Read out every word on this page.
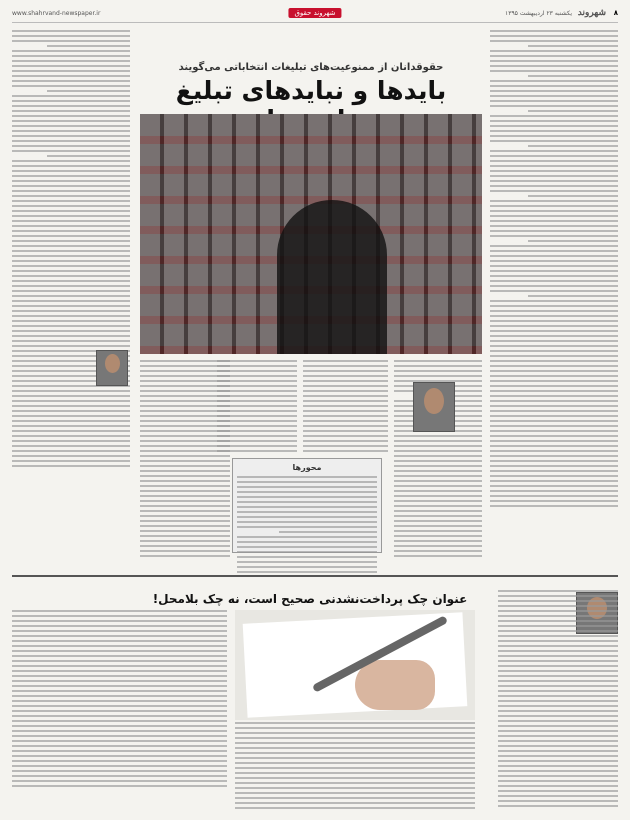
۸
شهروند
یکشنبه ۲۳ اردیبهشت ۱۳۹۵
شهروند حقوق
www.shahrvand-newspaper.ir
حقوقدانان از ممنوعیت‌های تبلیغات انتخاباتی می‌گویند
بایدها و نبایدهای تبلیغ
محورها
عنوان چک پرداخت‌نشدنی صحیح است، نه چک بلامحل!
